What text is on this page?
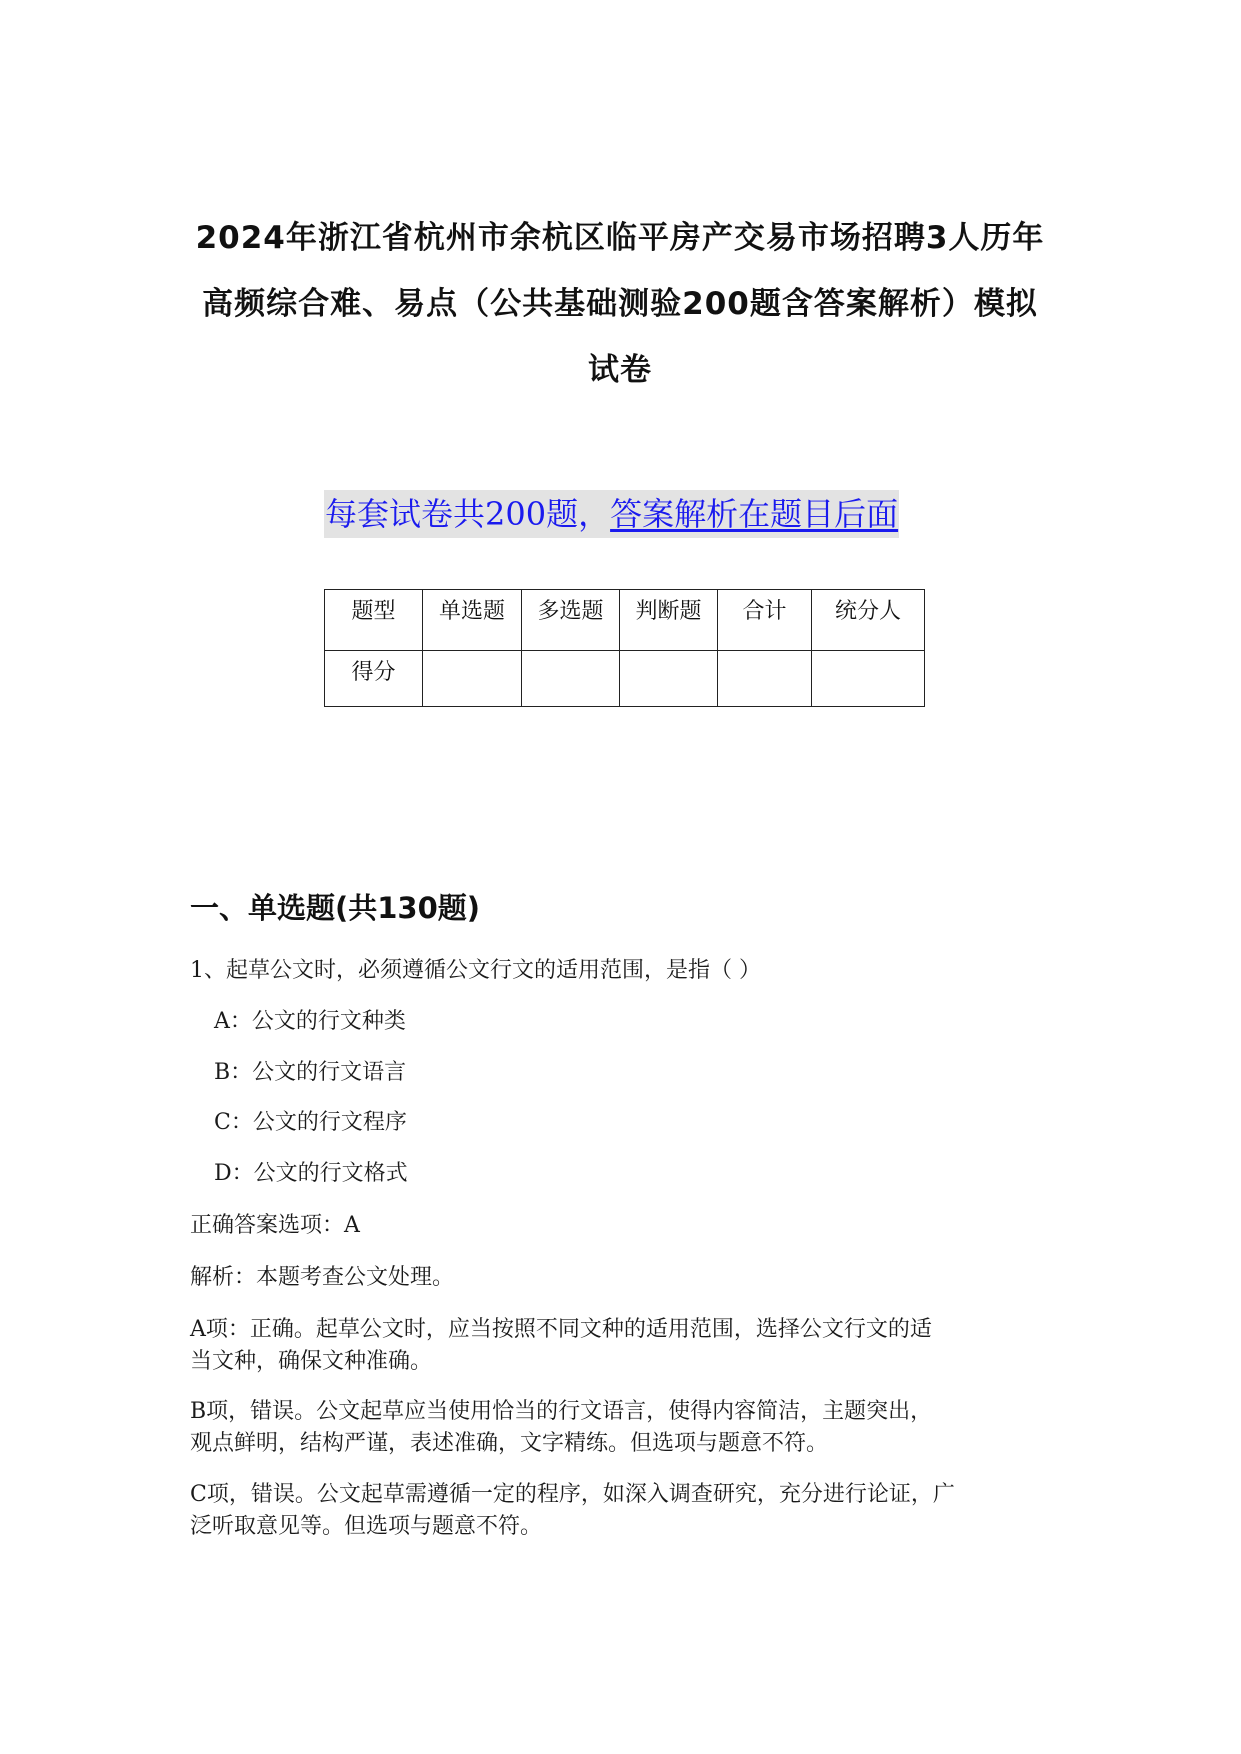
2024年浙江省杭州市余杭区临平房产交易市场招聘3人历年
高频综合难、易点（公共基础测验200题含答案解析）模拟
试卷
每套试卷共200题，答案解析在题目后面
题型	单选题	多选题	判断题	合计	统分人
得分					
一、单选题(共130题)

1、起草公文时，必须遵循公文行文的适用范围，是指（ ）

A：公文的行文种类

B：公文的行文语言

C：公文的行文程序

D：公文的行文格式

正确答案选项：A

解析：本题考查公文处理。

A项：正确。起草公文时，应当按照不同文种的适用范围，选择公文行文的适
当文种，确保文种准确。

B项，错误。公文起草应当使用恰当的行文语言，使得内容简洁，主题突出，
观点鲜明，结构严谨，表述准确，文字精练。但选项与题意不符。

C项，错误。公文起草需遵循一定的程序，如深入调查研究，充分进行论证，广
泛听取意见等。但选项与题意不符。
